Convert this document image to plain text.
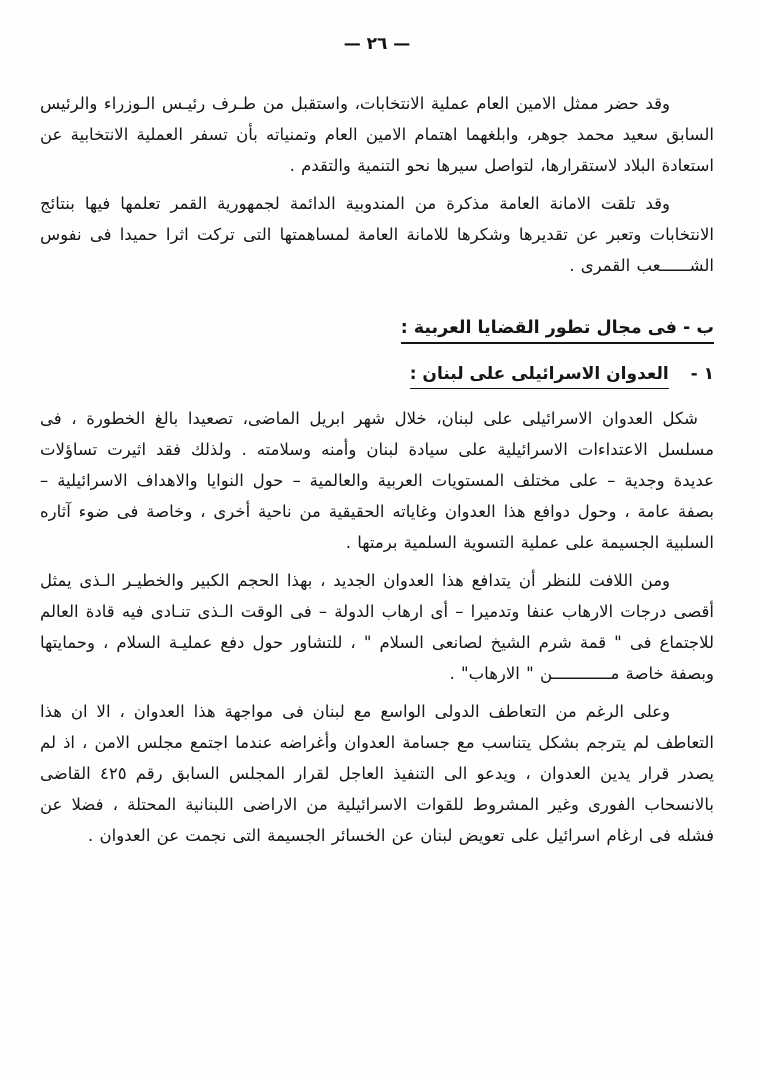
— ٢٦ —

وقد حضر ممثل الامين العام عملية الانتخابات، واستقبل من طـرف رئيـس الـوزراء والرئيس السابق سعيد محمد جوهر، وابلغهما اهتمام الامين العام وتمنياته بأن تسفر العملية الانتخابية عن استعادة البلاد لاستقرارها، لتواصل سيرها نحو التنمية والتقدم .

وقد تلقت الامانة العامة مذكرة من المندوبية الدائمة لجمهورية القمر تعلمها فيها بنتائج الانتخابات وتعبر عن تقديرها وشكرها للامانة العامة لمساهمتها التى تركت اثرا حميدا فى نفوس الشــــــعب القمرى .

ب - فى مجال تطور القضايا العربية :
١ - العدوان الاسرائيلى على لبنان :

شكل العدوان الاسرائيلى على لبنان، خلال شهر ابريل الماضى، تصعيدا بالغ الخطورة ، فى مسلسل الاعتداءات الاسرائيلية على سيادة لبنان وأمنه وسلامته . ولذلك فقد اثيرت تساؤلات عديدة وجدية – على مختلف المستويات العربية والعالمية – حول النوايا والاهداف الاسرائيلية – بصفة عامة ، وحول دوافع هذا العدوان وغاياته الحقيقية من ناحية أخرى ، وخاصة فى ضوء آثاره السلبية الجسيمة على عملية التسوية السلمية برمتها .

ومن اللافت للنظر أن يتدافع هذا العدوان الجديد ، بهذا الحجم الكبير والخطيـر الـذى يمثل أقصى درجات الارهاب عنفا وتدميرا – أى ارهاب الدولة – فى الوقت الـذى تنـادى فيه قادة العالم للاجتماع فى " قمة شرم الشيخ لصانعى السلام " ، للتشاور حول دفع عمليـة السلام ، وحمايتها وبصفة خاصة مــــــــــــن " الارهاب" .

وعلى الرغم من التعاطف الدولى الواسع مع لبنان فى مواجهة هذا العدوان ، الا ان هذا التعاطف لم يترجم بشكل يتناسب مع جسامة العدوان وأغراضه عندما اجتمع مجلس الامن ، اذ لم يصدر قرار يدين العدوان ، ويدعو الى التنفيذ العاجل لقرار المجلس السابق رقم ٤٢٥ القاضى بالانسحاب الفورى وغير المشروط للقوات الاسرائيلية من الاراضى اللبنانية المحتلة ، فضلا عن فشله فى ارغام اسرائيل على تعويض لبنان عن الخسائر الجسيمة التى نجمت عن العدوان .
